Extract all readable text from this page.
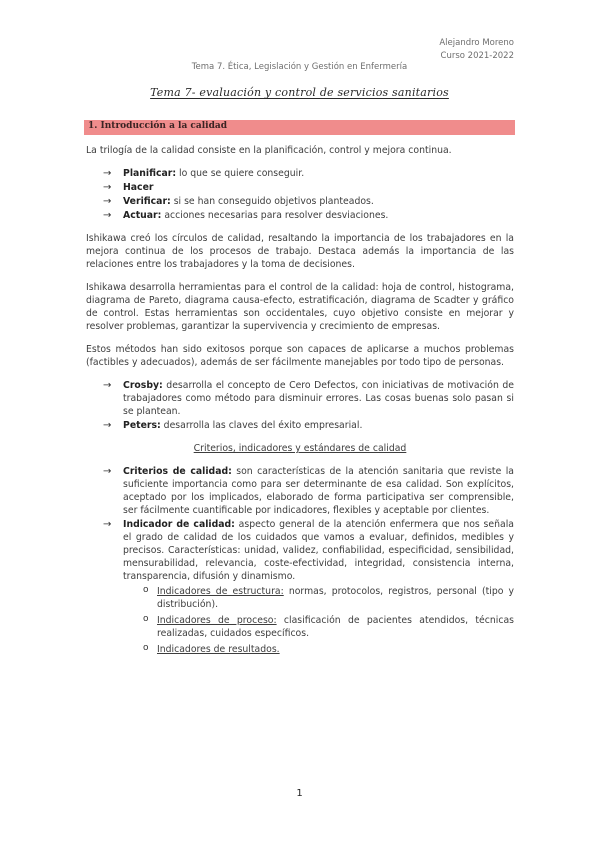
Alejandro Moreno
Curso 2021-2022
Tema 7. Ética, Legislación y Gestión en Enfermería
Tema 7- evaluación y control de servicios sanitarios
1. Introducción a la calidad

La trilogía de la calidad consiste en la planificación, control y mejora continua.

→ Planificar: lo que se quiere conseguir.
→ Hacer
→ Verificar: si se han conseguido objetivos planteados.
→ Actuar: acciones necesarias para resolver desviaciones.

Ishikawa creó los círculos de calidad, resaltando la importancia de los trabajadores en la mejora continua de los procesos de trabajo. Destaca además la importancia de las relaciones entre los trabajadores y la toma de decisiones.

Ishikawa desarrolla herramientas para el control de la calidad: hoja de control, histograma, diagrama de Pareto, diagrama causa-efecto, estratificación, diagrama de Scadter y gráfico de control. Estas herramientas son occidentales, cuyo objetivo consiste en mejorar y resolver problemas, garantizar la supervivencia y crecimiento de empresas.

Estos métodos han sido exitosos porque son capaces de aplicarse a muchos problemas (factibles y adecuados), además de ser fácilmente manejables por todo tipo de personas.

→ Crosby: desarrolla el concepto de Cero Defectos, con iniciativas de motivación de trabajadores como método para disminuir errores. Las cosas buenas solo pasan si se plantean.
→ Peters: desarrolla las claves del éxito empresarial.
Criterios, indicadores y estándares de calidad
→ Criterios de calidad: son características de la atención sanitaria que reviste la suficiente importancia como para ser determinante de esa calidad. Son explícitos, aceptado por los implicados, elaborado de forma participativa ser comprensible, ser fácilmente cuantificable por indicadores, flexibles y aceptable por clientes.
→ Indicador de calidad: aspecto general de la atención enfermera que nos señala el grado de calidad de los cuidados que vamos a evaluar, definidos, medibles y precisos. Características: unidad, validez, confiabilidad, especificidad, sensibilidad, mensurabilidad, relevancia, coste-efectividad, integridad, consistencia interna, transparencia, difusión y dinamismo.
o Indicadores de estructura: normas, protocolos, registros, personal (tipo y distribución).
o Indicadores de proceso: clasificación de pacientes atendidos, técnicas realizadas, cuidados específicos.
o Indicadores de resultados.
1
